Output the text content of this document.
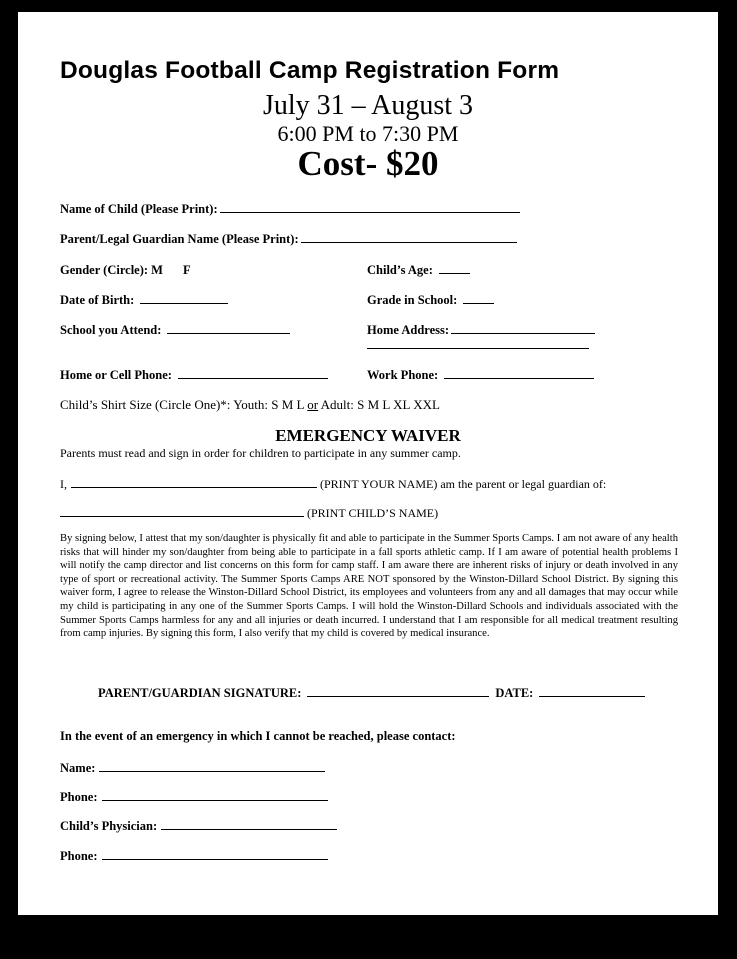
Douglas Football Camp Registration Form
July 31 – August 3
6:00 PM to 7:30 PM
Cost- $20
Name of Child (Please Print):
Parent/Legal Guardian Name (Please Print):
Gender (Circle): M F	Child’s Age:
Date of Birth:	Grade in School:
School you Attend:	Home Address:
Home or Cell Phone:	Work Phone:
Child’s Shirt Size (Circle One)*: Youth: S M L or Adult: S M L XL XXL
EMERGENCY WAIVER
Parents must read and sign in order for children to participate in any summer camp.
I,	(PRINT YOUR NAME) am the parent or legal guardian of:
(PRINT CHILD’S NAME)
By signing below, I attest that my son/daughter is physically fit and able to participate in the Summer Sports Camps. I am not aware of any health risks that will hinder my son/daughter from being able to participate in a fall sports athletic camp. If I am aware of potential health problems I will notify the camp director and list concerns on this form for camp staff. I am aware there are inherent risks of injury or death involved in any type of sport or recreational activity. The Summer Sports Camps ARE NOT sponsored by the Winston-Dillard School District. By signing this waiver form, I agree to release the Winston-Dillard School District, its employees and volunteers from any and all damages that may occur while my child is participating in any one of the Summer Sports Camps. I will hold the Winston-Dillard Schools and individuals associated with the Summer Sports Camps harmless for any and all injuries or death incurred. I understand that I am responsible for all medical treatment resulting from camp injuries. By signing this form, I also verify that my child is covered by medical insurance.
PARENT/GUARDIAN SIGNATURE:	DATE:
In the event of an emergency in which I cannot be reached, please contact:
Name:
Phone:
Child’s Physician:
Phone:
